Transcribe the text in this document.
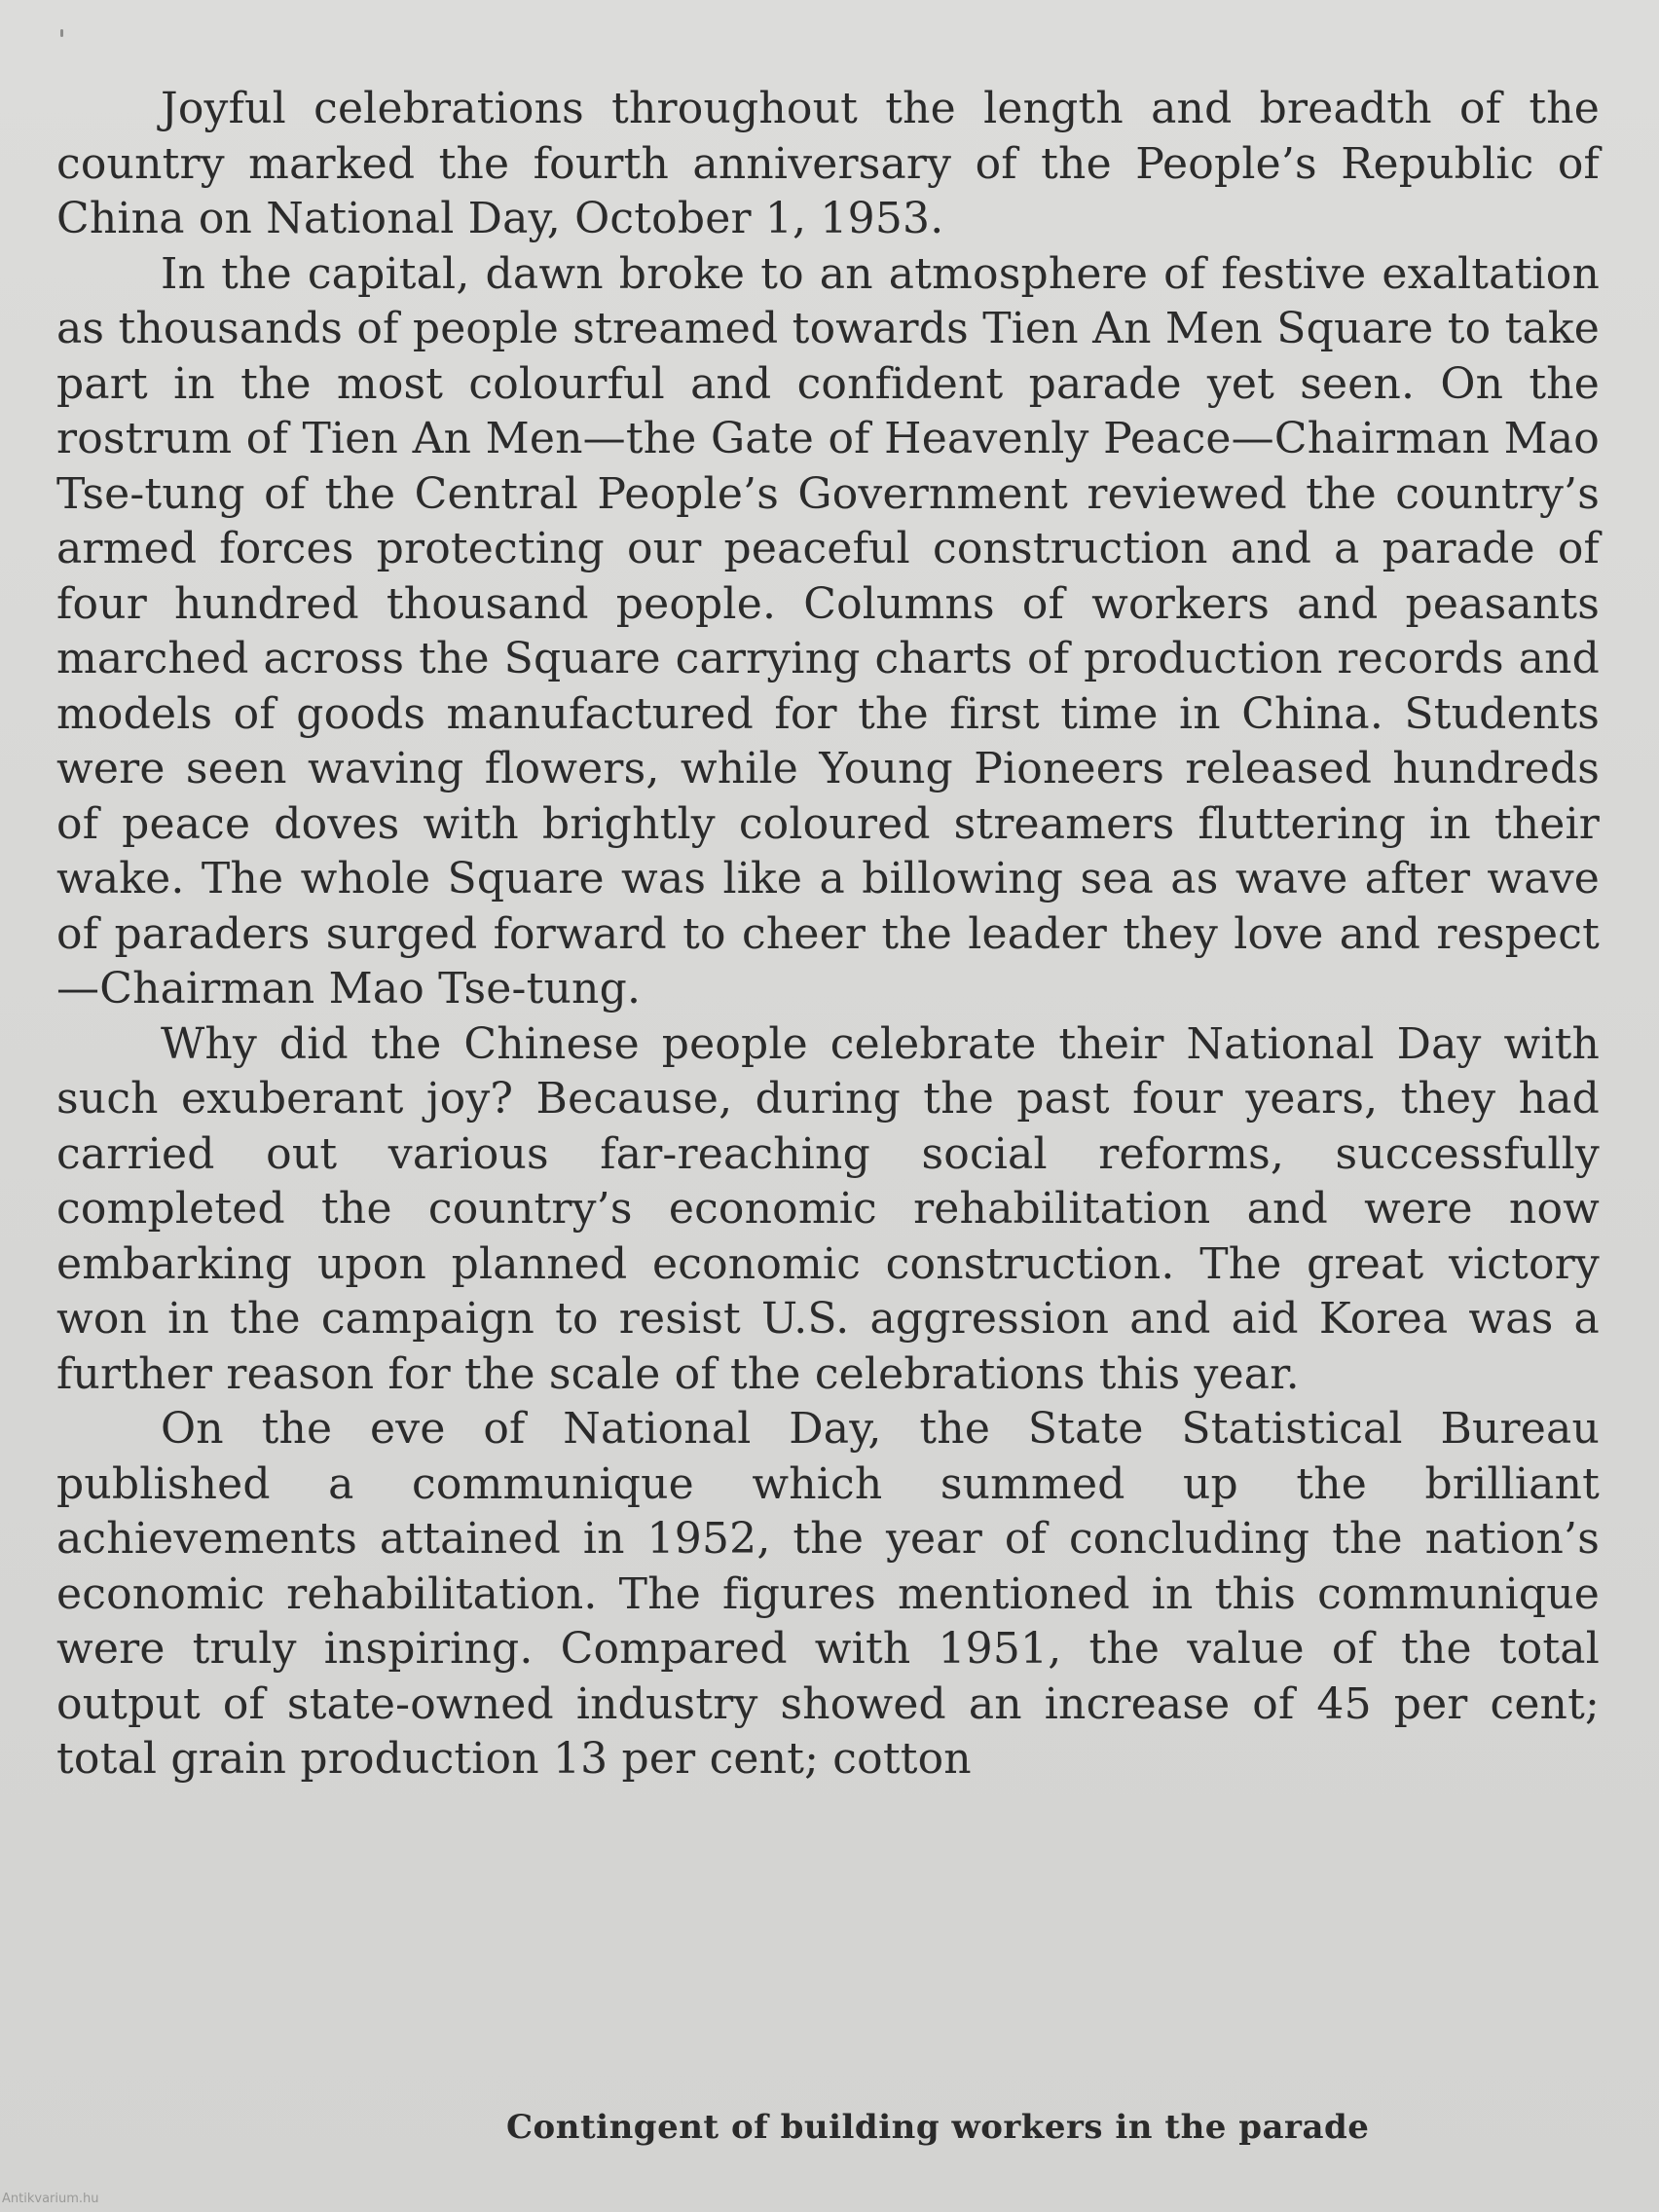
Joyful celebrations throughout the length and breadth of the country marked the fourth anniversary of the People’s Republic of China on National Day, October 1, 1953.

In the capital, dawn broke to an atmosphere of festive exaltation as thousands of people streamed towards Tien An Men Square to take part in the most colourful and confident parade yet seen. On the rostrum of Tien An Men—the Gate of Heavenly Peace—Chairman Mao Tse-tung of the Central People’s Government reviewed the country’s armed forces protecting our peaceful construction and a parade of four hundred thousand people. Columns of workers and peasants marched across the Square carrying charts of production records and models of goods manufactured for the first time in China. Students were seen waving flowers, while Young Pioneers released hundreds of peace doves with brightly coloured streamers fluttering in their wake. The whole Square was like a billowing sea as wave after wave of paraders surged forward to cheer the leader they love and respect—Chairman Mao Tse-tung.

Why did the Chinese people celebrate their National Day with such exuberant joy? Because, during the past four years, they had carried out various far-reaching social reforms, successfully completed the country’s economic rehabilitation and were now embarking upon planned economic construction. The great victory won in the campaign to resist U.S. aggression and aid Korea was a further reason for the scale of the celebrations this year.

On the eve of National Day, the State Statistical Bureau published a communique which summed up the brilliant achievements attained in 1952, the year of concluding the nation’s economic rehabilitation. The figures mentioned in this communique were truly inspiring. Compared with 1951, the value of the total output of state-owned industry showed an increase of 45 per cent; total grain production 13 per cent; cotton

Contingent of building workers in the parade
Antikvarium.hu
